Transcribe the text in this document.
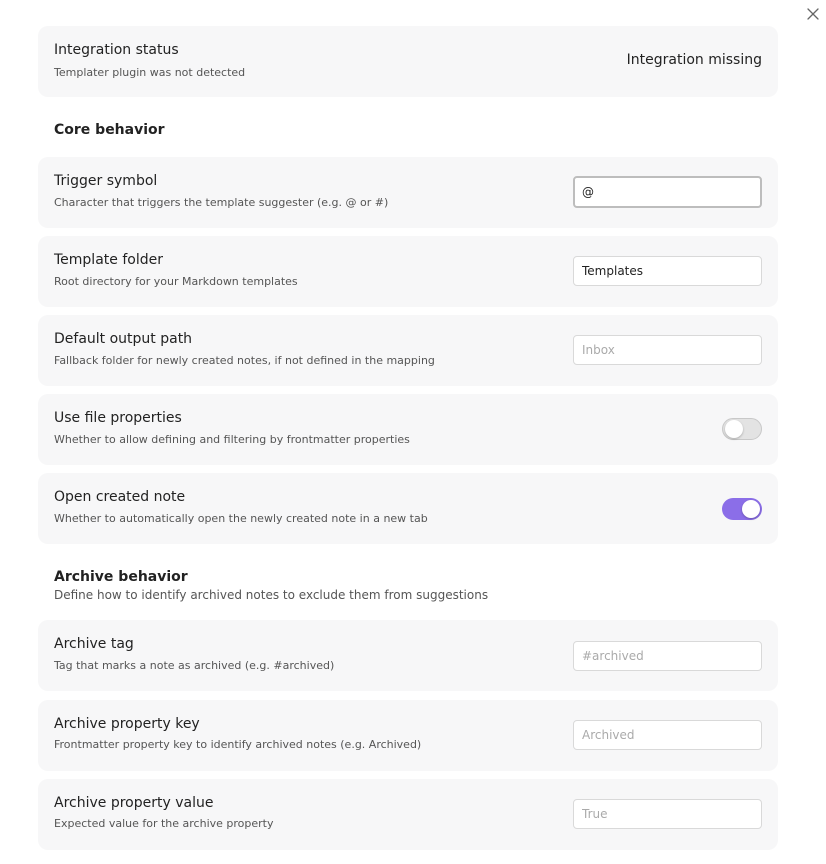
Integration status
Templater plugin was not detected
Integration missing
Core behavior
Trigger symbol
Character that triggers the template suggester (e.g. @ or #)
@
Template folder
Root directory for your Markdown templates
Templates
Default output path
Fallback folder for newly created notes, if not defined in the mapping
Inbox
Use file properties
Whether to allow defining and filtering by frontmatter properties
Open created note
Whether to automatically open the newly created note in a new tab
Archive behavior
Define how to identify archived notes to exclude them from suggestions
Archive tag
Tag that marks a note as archived (e.g. #archived)
#archived
Archive property key
Frontmatter property key to identify archived notes (e.g. Archived)
Archived
Archive property value
Expected value for the archive property
True
